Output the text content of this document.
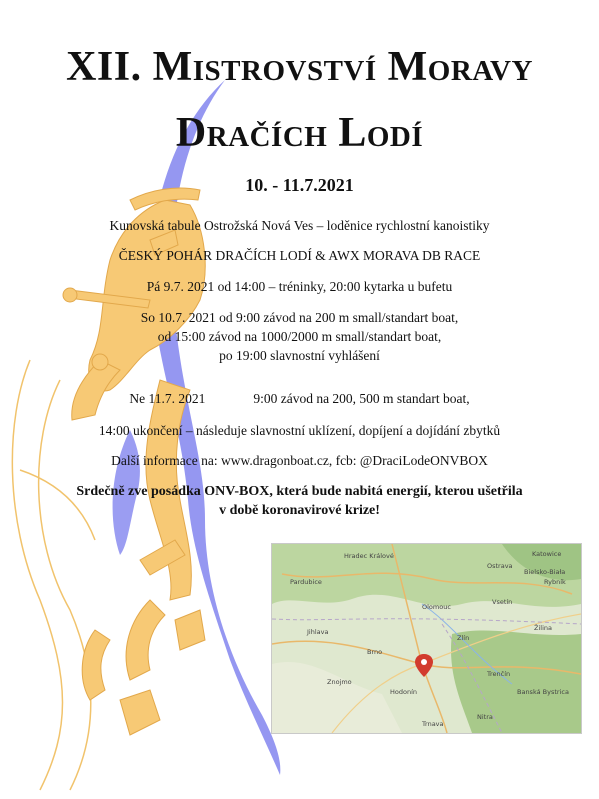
XII. Mistrovství Moravy
Dračích Lodí
10. - 11.7.2021
Kunovská tabule Ostrožská Nová Ves – loděnice rychlostní kanoistiky
ČESKÝ POHÁR DRAČÍCH LODÍ & AWX MORAVA DB RACE
Pá 9.7. 2021 od 14:00 – tréninky, 20:00 kytarka u bufetu
So 10.7. 2021 od 9:00 závod na 200 m small/standart boat,
od 15:00 závod na 1000/2000 m small/standart boat,
po 19:00 slavnostní vyhlášení
Ne 11.7. 2021	9:00 závod na 200, 500 m standart boat,
14:00 ukončení – následuje slavnostní uklízení, dopíjení a dojídání zbytků
Další informace na: www.dragonboat.cz, fcb: @DraciLodeONVBOX
Srdečně zve posádka ONV-BOX, která bude nabitá energií, kterou ušetřila
v době koronavirové krize!
Hradec Králové
Ostrava
Katowice
Olomouc
Brno
Jihlava
Zlín
Trenčín
Žilina
Nitra
Trnava
Banská Bystrica
Pardubice
Vsetín
Rybník
Bielsko-Biała
Znojmo
Hodonín
